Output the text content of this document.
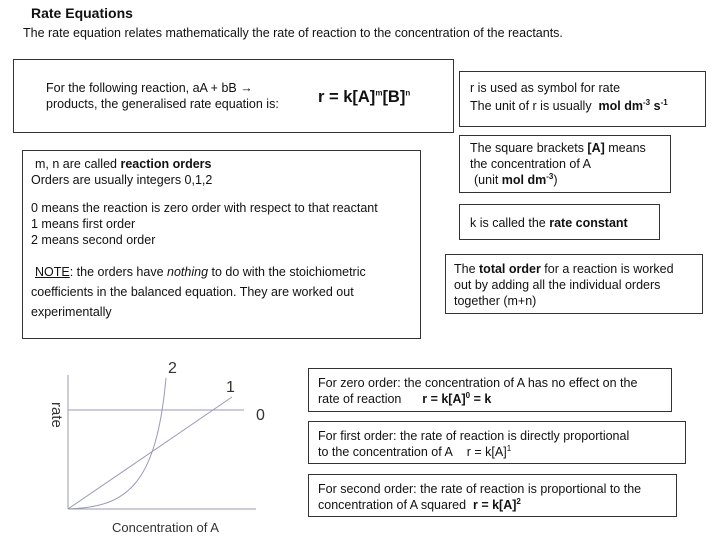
Rate Equations
The rate equation relates mathematically the rate of reaction to the concentration of the reactants.
For the following reaction, aA + bB →
products, the generalised rate equation is: $r = k[A]^m[B]^n$	r is used as symbol for rate
The unit of r is usually mol $dm^{-3}$ $s^{-1}$
The square brackets [A] means
the concentration of A
(unit mol $dm^{-3}$)
k is called the rate constant
m, n are called reaction orders
Orders are usually integers 0,1,2
0 means the reaction is zero order with respect to that reactant
1 means first order
2 means second order
NOTE: the orders have nothing to do with the stoichiometric
coefficients in the balanced equation. They are worked out
experimentally
The total order for a reaction is worked
out by adding all the individual orders
together (m+n)
For zero order: the concentration of A has no effect on the
rate of reaction $r = k[A]^0 = k$
For first order: the rate of reaction is directly proportional
to the concentration of A $r = k[A]^1$
For second order: the rate of reaction is proportional to the
concentration of A squared $r = k[A]^2$
2
1
0
rate
Concentration of A
